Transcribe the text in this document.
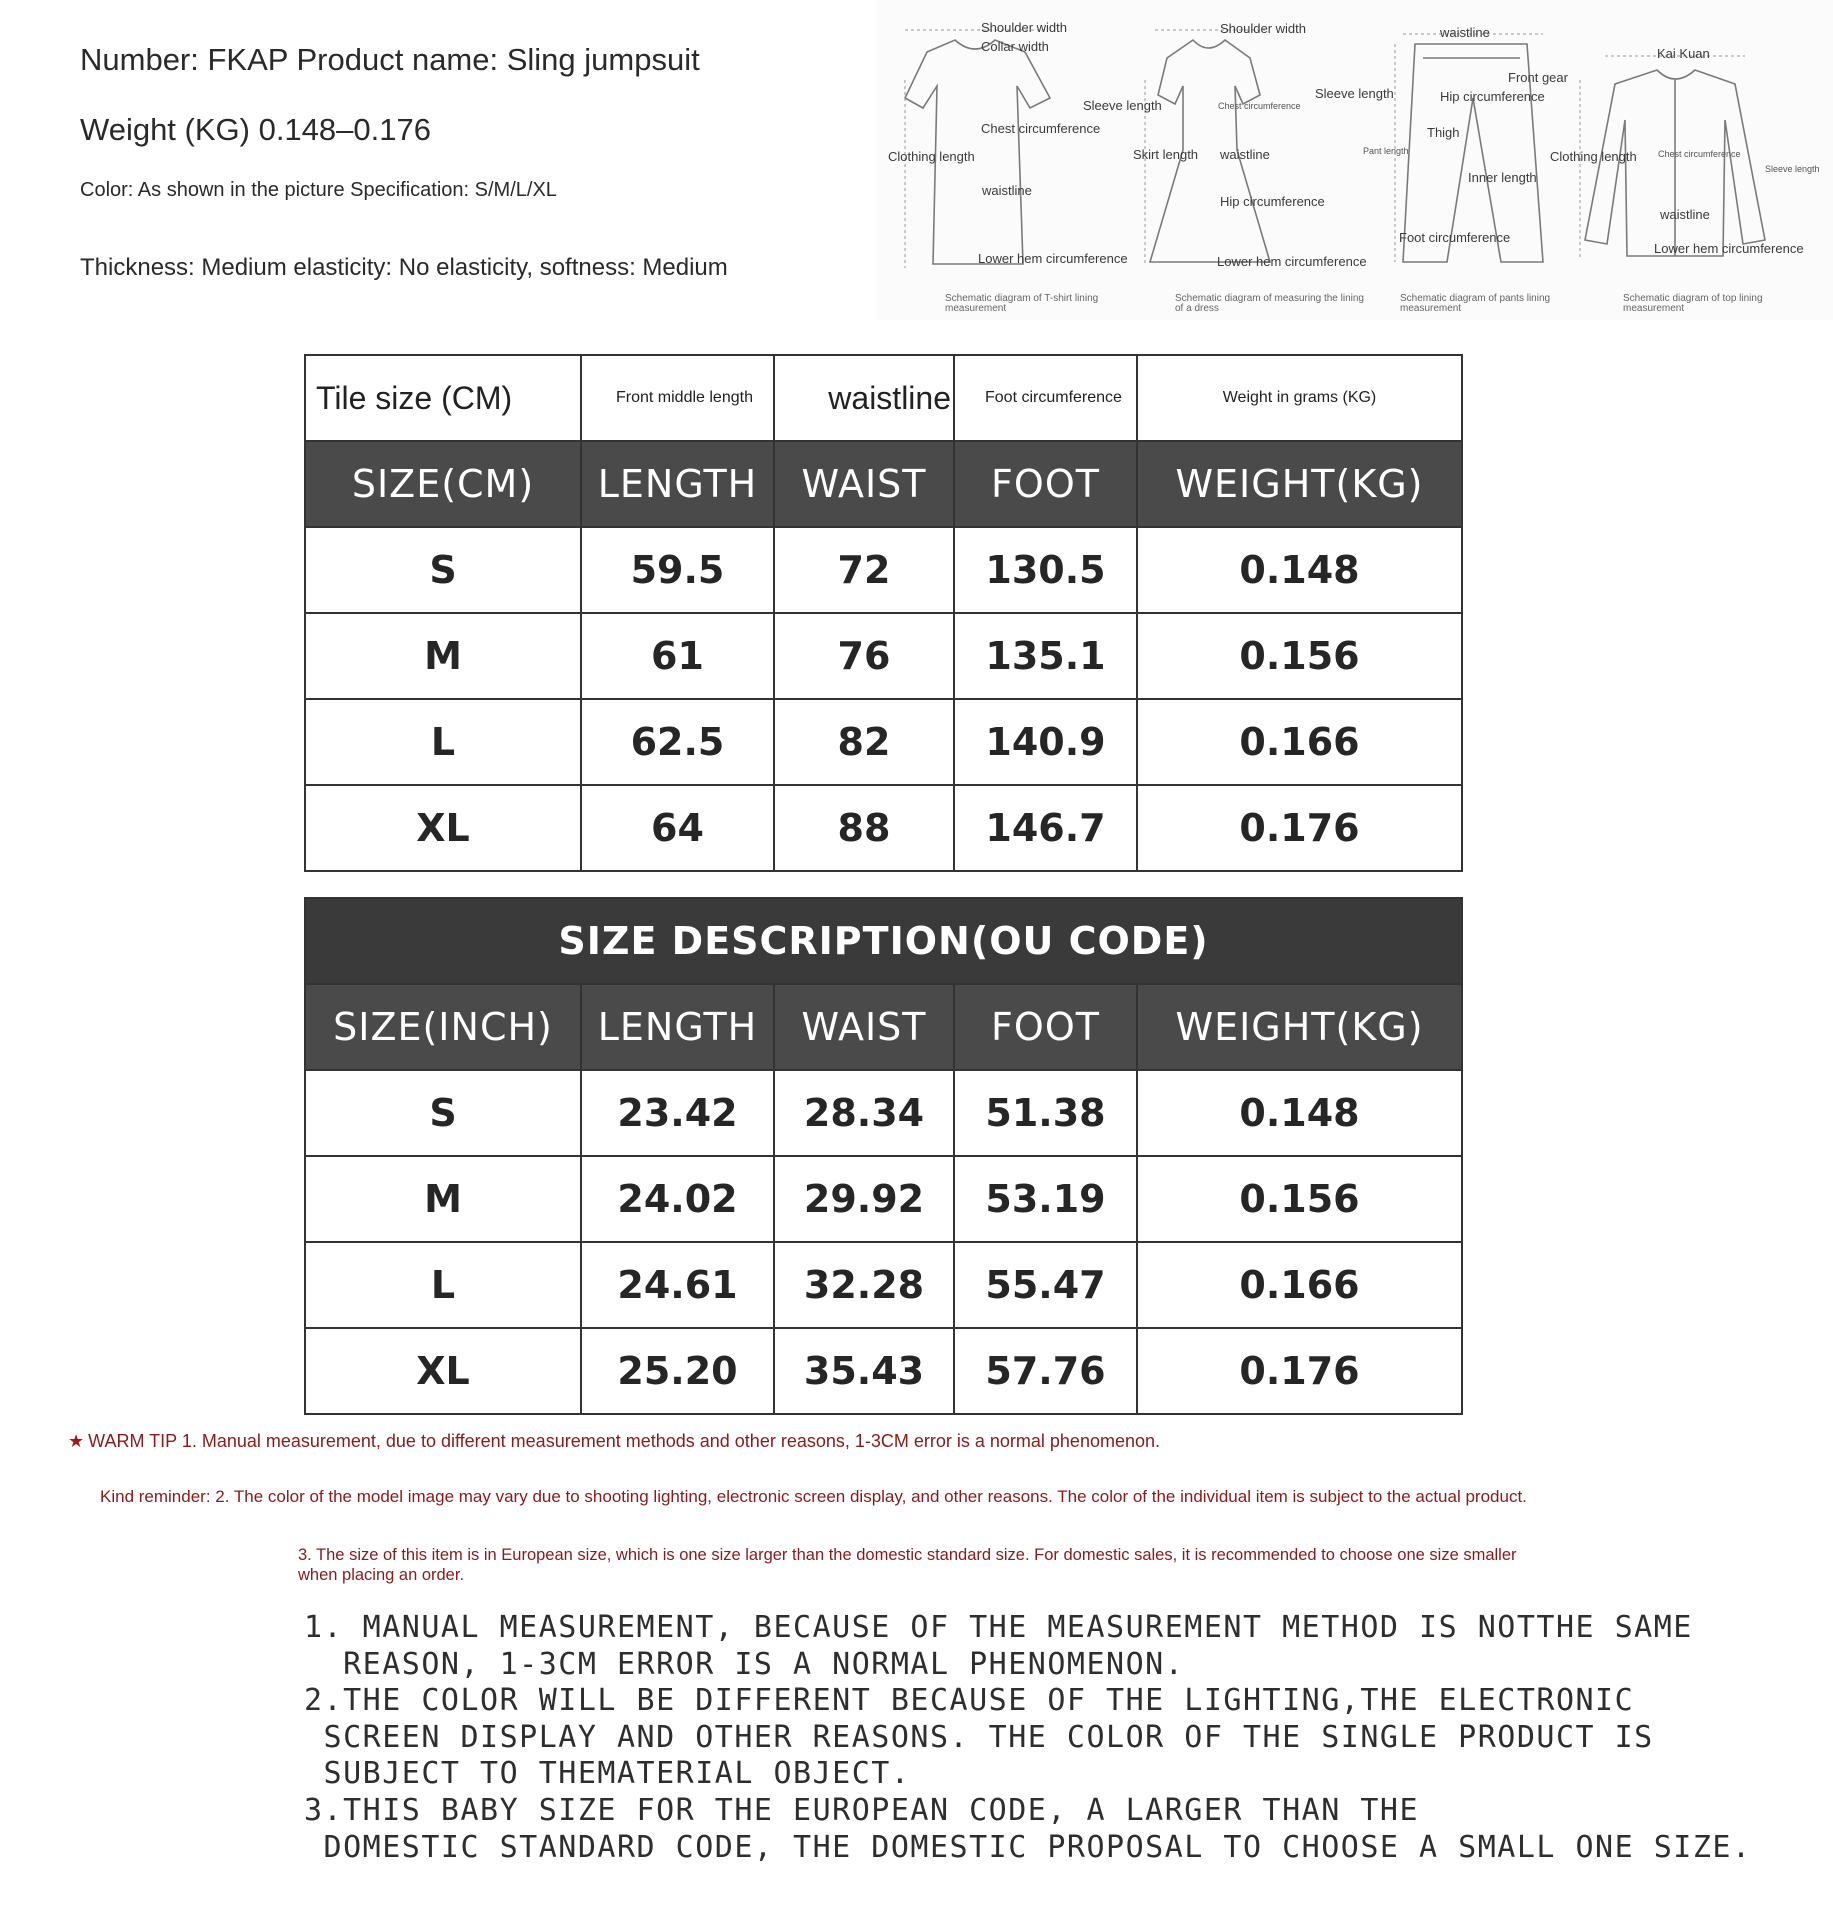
Number: FKAP Product name: Sling jumpsuit
Weight (KG) 0.148–0.176
Color: As shown in the picture Specification: S/M/L/XL
Thickness: Medium elasticity: No elasticity, softness: Medium
Shoulder width
Collar width
Sleeve length
Chest circumference
Clothing length
waistline
Lower hem circumference
Schematic diagram of T-shirt lining measurement
Shoulder width
Sleeve length
Chest circumference
Skirt length waistline
Hip circumference
Lower hem circumference
Schematic diagram of measuring the lining of a dress
waistline
Front gear
Hip circumference
Pant length
Thigh
Inner length
Foot circumference
Schematic diagram of pants lining measurement
Kai Kuan
Clothing length Chest circumference
Sleeve length
waistline
Lower hem circumference
Schematic diagram of top lining measurement
Tile size (CM)	Front middle length	waistline	Foot circumference	Weight in grams (KG)
SIZE(CM)	LENGTH	WAIST	FOOT	WEIGHT(KG)
S	59.5	72	130.5	0.148
M	61	76	135.1	0.156
L	62.5	82	140.9	0.166
XL	64	88	146.7	0.176
SIZE DESCRIPTION(OU CODE)				
SIZE(INCH)	LENGTH	WAIST	FOOT	WEIGHT(KG)
S	23.42	28.34	51.38	0.148
M	24.02	29.92	53.19	0.156
L	24.61	32.28	55.47	0.166
XL	25.20	35.43	57.76	0.176
★ WARM TIP 1. Manual measurement, due to different measurement methods and other reasons, 1-3CM error is a normal phenomenon.
Kind reminder: 2. The color of the model image may vary due to shooting lighting, electronic screen display, and other reasons. The color of the individual item is subject to the actual product.
3. The size of this item is in European size, which is one size larger than the domestic standard size. For domestic sales, it is recommended to choose one size smaller when placing an order.
1. MANUAL MEASUREMENT, BECAUSE OF THE MEASUREMENT METHOD IS NOTTHE SAME
REASON, 1-3CM ERROR IS A NORMAL PHENOMENON.
2.THE COLOR WILL BE DIFFERENT BECAUSE OF THE LIGHTING,THE ELECTRONIC
SCREEN DISPLAY AND OTHER REASONS. THE COLOR OF THE SINGLE PRODUCT IS
SUBJECT TO THEMATERIAL OBJECT.
3.THIS BABY SIZE FOR THE EUROPEAN CODE, A LARGER THAN THE
DOMESTIC STANDARD CODE, THE DOMESTIC PROPOSAL TO CHOOSE A SMALL ONE SIZE.
